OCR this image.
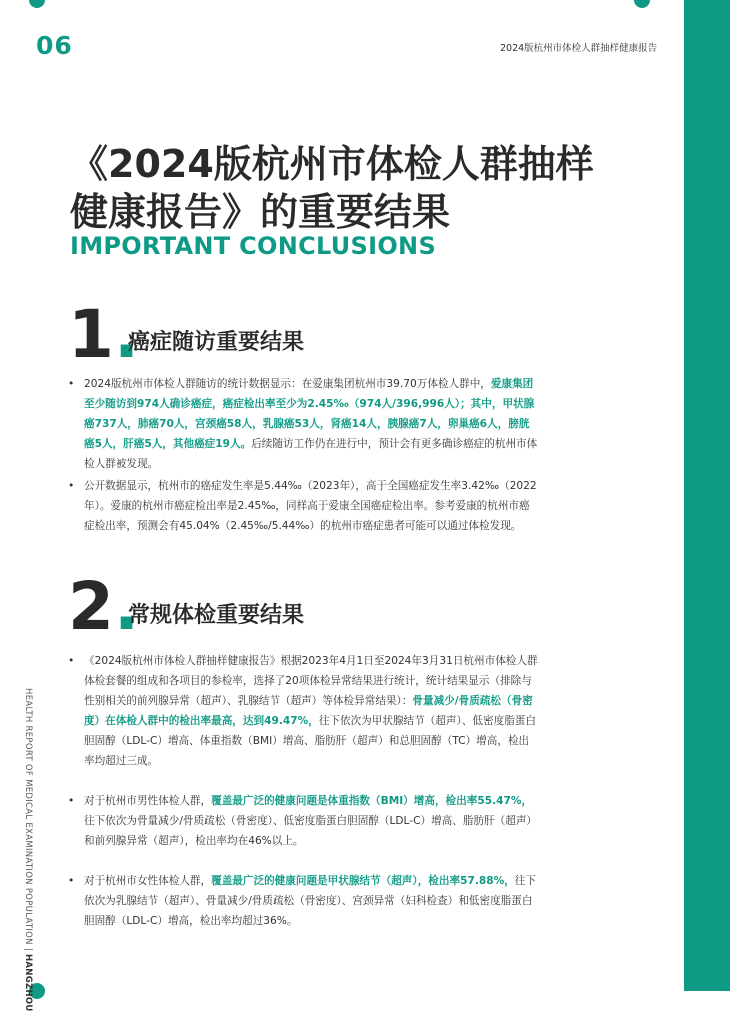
06	2024版杭州市体检人群抽样健康报告
HEALTH REPORT OF MEDICAL EXAMINATION POPULATION | HANGZHOU
《2024版杭州市体检人群抽样
健康报告》的重要结果
IMPORTANT CONCLUSIONS
1.
癌症随访重要结果
• 2024版杭州市体检人群随访的统计数据显示：在爱康集团杭州市39.70万体检人群中，爱康集团至少随访到974人确诊癌症，癌症检出率至少为2.45‰（974人/396,996人）；其中，甲状腺癌737人，肺癌70人，宫颈癌58人，乳腺癌53人，肾癌14人，胰腺癌7人，卵巢癌6人，膀胱癌5人，肝癌5人，其他癌症19人。后续随访工作仍在进行中，预计会有更多确诊癌症的杭州市体检人群被发现。
• 公开数据显示，杭州市的癌症发生率是5.44‰（2023年），高于全国癌症发生率3.42‰（2022年）。爱康的杭州市癌症检出率是2.45‰，同样高于爱康全国癌症检出率。参考爱康的杭州市癌症检出率，预测会有45.04%（2.45‰/5.44‰）的杭州市癌症患者可能可以通过体检发现。
2.
常规体检重要结果
• 《2024版杭州市体检人群抽样健康报告》根据2023年4月1日至2024年3月31日杭州市体检人群体检套餐的组成和各项目的参检率，选择了20项体检异常结果进行统计，统计结果显示（排除与性别相关的前列腺异常（超声）、乳腺结节（超声）等体检异常结果）：骨量减少/骨质疏松（骨密度）在体检人群中的检出率最高，达到49.47%，往下依次为甲状腺结节（超声）、低密度脂蛋白胆固醇（LDL-C）增高、体重指数（BMI）增高、脂肪肝（超声）和总胆固醇（TC）增高，检出率均超过三成。
• 对于杭州市男性体检人群，覆盖最广泛的健康问题是体重指数（BMI）增高，检出率55.47%，往下依次为骨量减少/骨质疏松（骨密度）、低密度脂蛋白胆固醇（LDL-C）增高、脂肪肝（超声）和前列腺异常（超声），检出率均在46%以上。
• 对于杭州市女性体检人群，覆盖最广泛的健康问题是甲状腺结节（超声），检出率57.88%，往下依次为乳腺结节（超声）、骨量减少/骨质疏松（骨密度）、宫颈异常（妇科检查）和低密度脂蛋白胆固醇（LDL-C）增高，检出率均超过36%。
